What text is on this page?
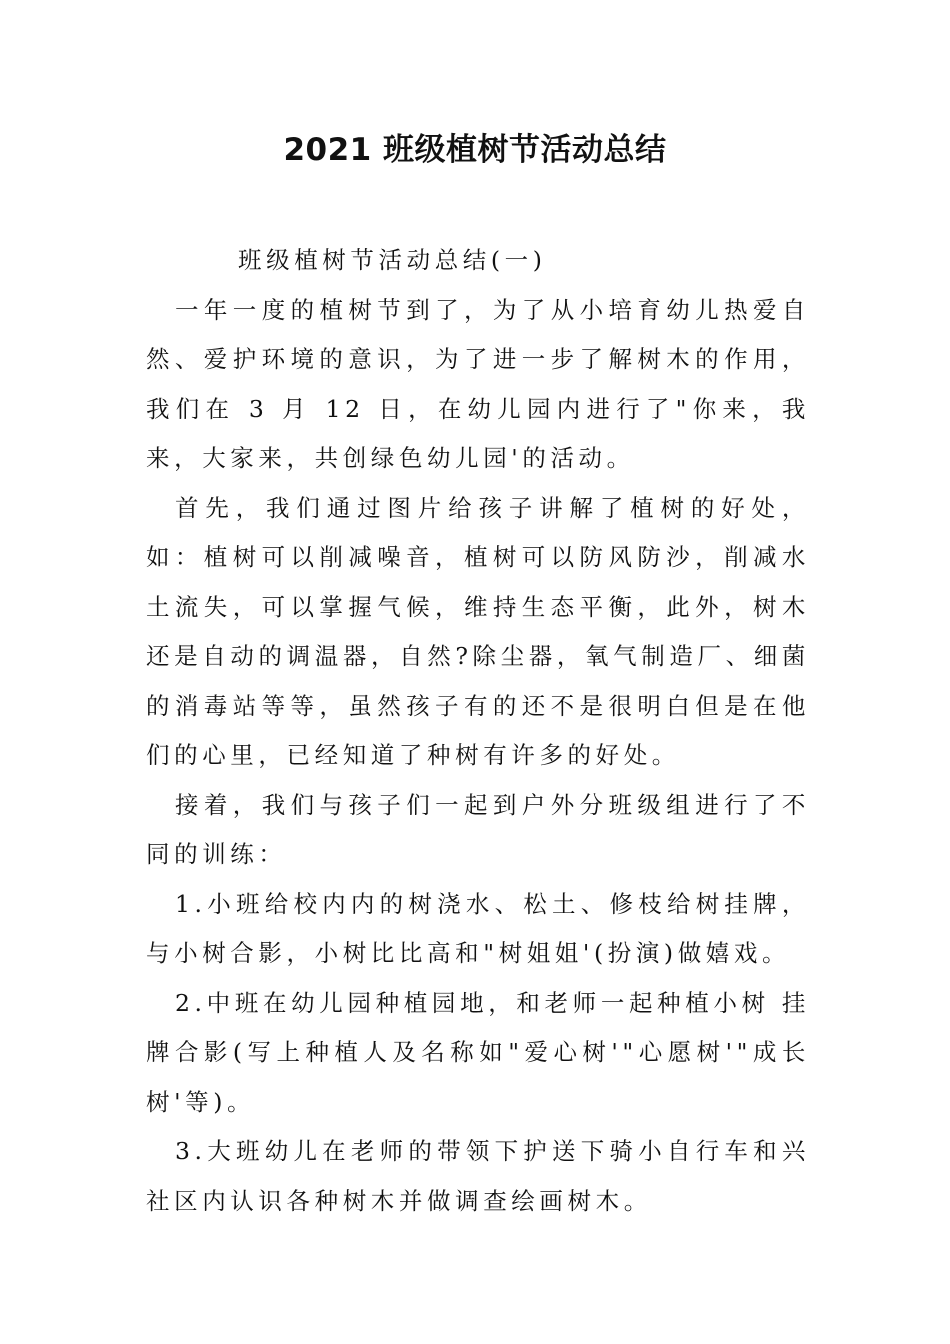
2021 班级植树节活动总结

班级植树节活动总结(一)

一年一度的植树节到了，为了从小培育幼儿热爱自然、爱护环境的意识，为了进一步了解树木的作用，我们在 3 月 12 日，在幼儿园内进行了"你来，我来，大家来，共创绿色幼儿园'的活动。

首先，我们通过图片给孩子讲解了植树的好处，如：植树可以削减噪音，植树可以防风防沙，削减水土流失，可以掌握气候，维持生态平衡，此外，树木还是自动的调温器，自然?除尘器，氧气制造厂、细菌的消毒站等等，虽然孩子有的还不是很明白但是在他们的心里，已经知道了种树有许多的好处。

接着，我们与孩子们一起到户外分班级组进行了不同的训练：

1.小班给校内内的树浇水、松土、修枝给树挂牌，与小树合影，小树比比高和"树姐姐'(扮演)做嬉戏。

2.中班在幼儿园种植园地，和老师一起种植小树 挂牌合影(写上种植人及名称如"爱心树'"心愿树'"成长树'等)。

3.大班幼儿在老师的带领下护送下骑小自行车和兴社区内认识各种树木并做调查绘画树木。
